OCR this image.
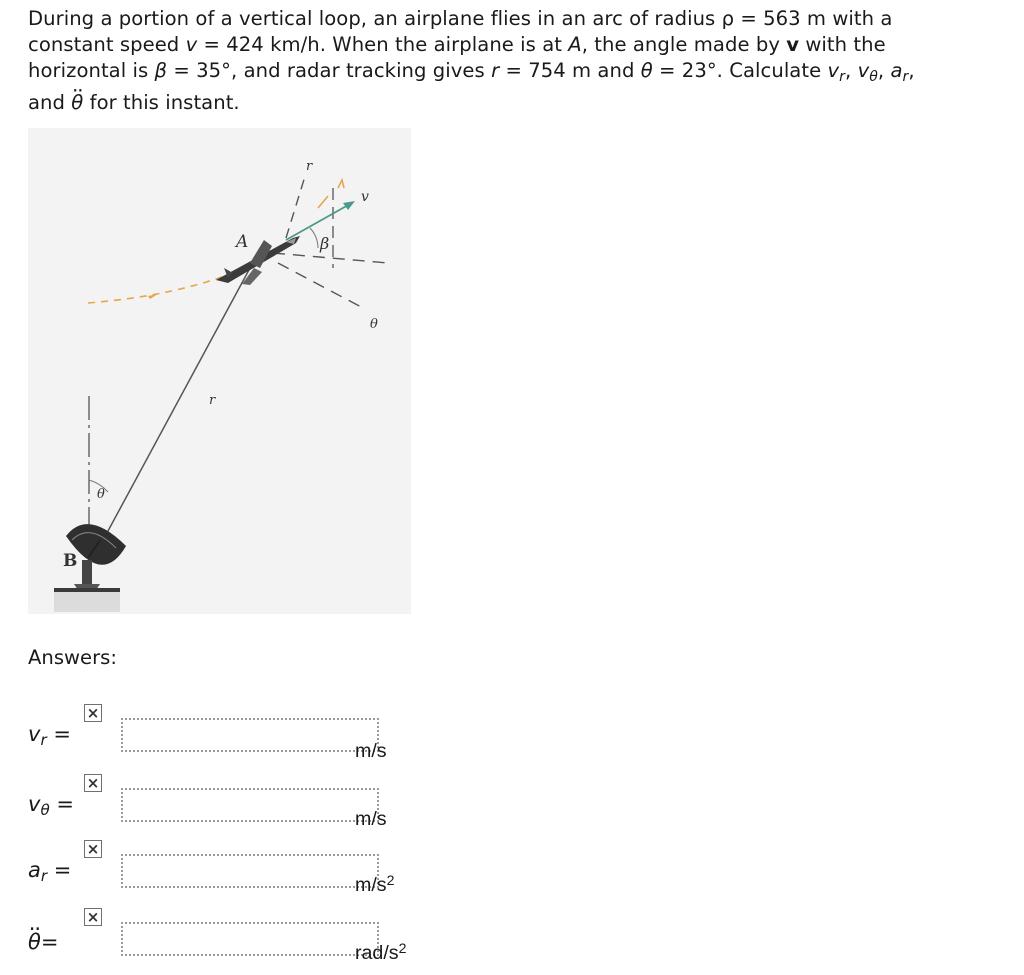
During a portion of a vertical loop, an airplane flies in an arc of radius ρ = 563 m with a
constant speed v = 424 km/h. When the airplane is at A, the angle made by v with the
horizontal is β = 35°, and radar tracking gives r = 754 m and θ = 23°. Calculate $v_r$, $v_\theta$, $a_r$,
and θ ·· for this instant.
A
B
β
v
r
r
θ
θ
Answers:
$v_r$ =
×
m/s
$v_\theta$ =
×
m/s
$a_r$ =
×
$m/s^2$
θ ··=
×
rad/$s^2$
